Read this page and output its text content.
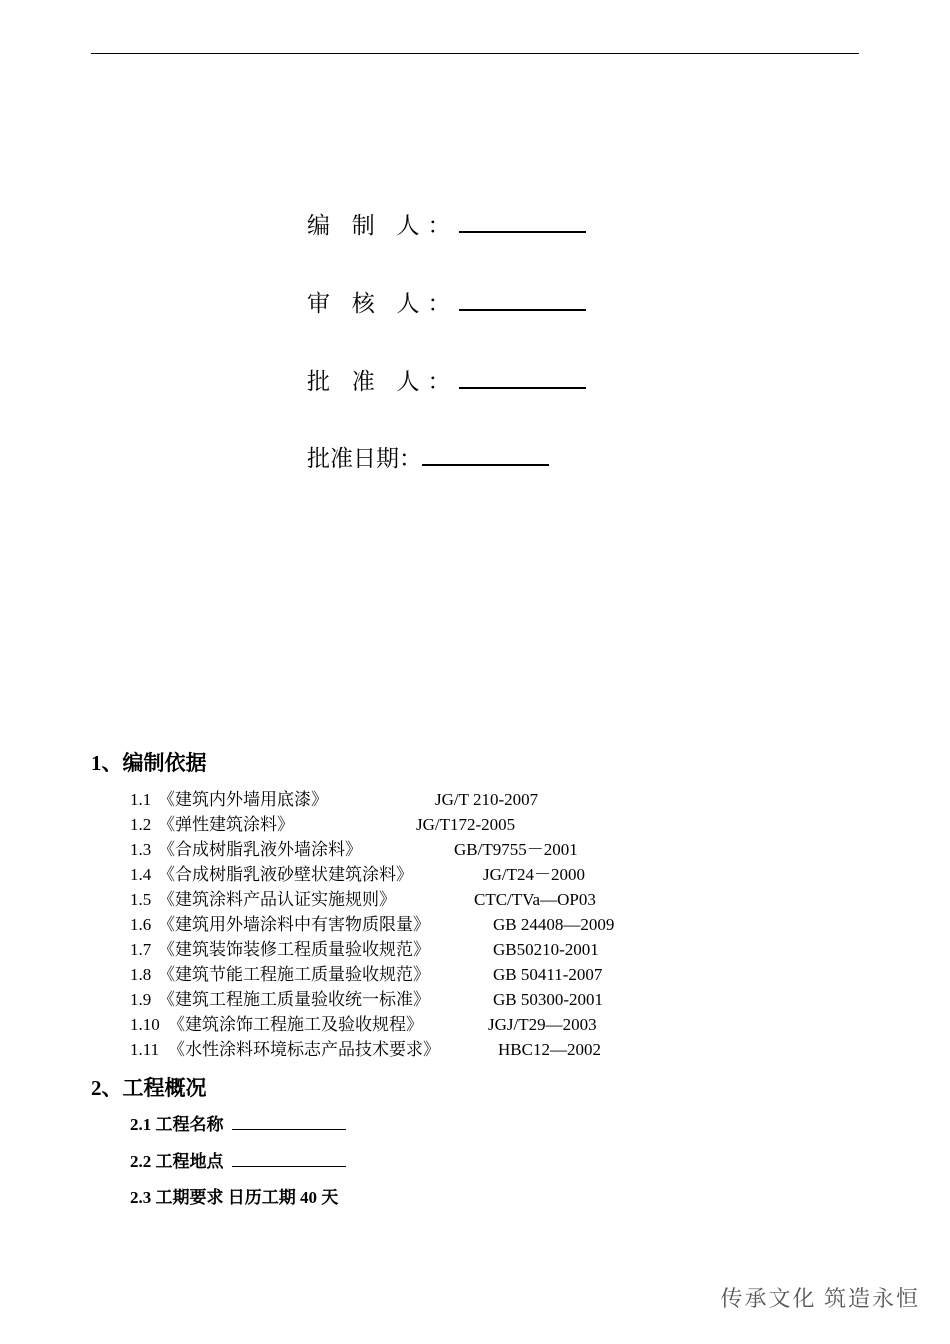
编 制 人：
审 核 人：
批 准 人：
批准日期：
1、编制依据
1.1 《建筑内外墙用底漆》	JG/T 210-2007
1.2 《弹性建筑涂料》	JG/T172-2005
1.3 《合成树脂乳液外墙涂料》	GB/T9755－2001
1.4 《合成树脂乳液砂壁状建筑涂料》	JG/T24－2000
1.5 《建筑涂料产品认证实施规则》	CTC/TVa—OP03
1.6 《建筑用外墙涂料中有害物质限量》	GB 24408—2009
1.7 《建筑装饰装修工程质量验收规范》	GB50210-2001
1.8 《建筑节能工程施工质量验收规范》	GB 50411-2007
1.9 《建筑工程施工质量验收统一标准》	GB 50300-2001
1.10 《建筑涂饰工程施工及验收规程》	JGJ/T29—2003
1.11 《水性涂料环境标志产品技术要求》	HBC12—2002
2、工程概况
2.1 工程名称
2.2 工程地点
2.3 工期要求 日历工期 40 天
传承文化 筑造永恒
